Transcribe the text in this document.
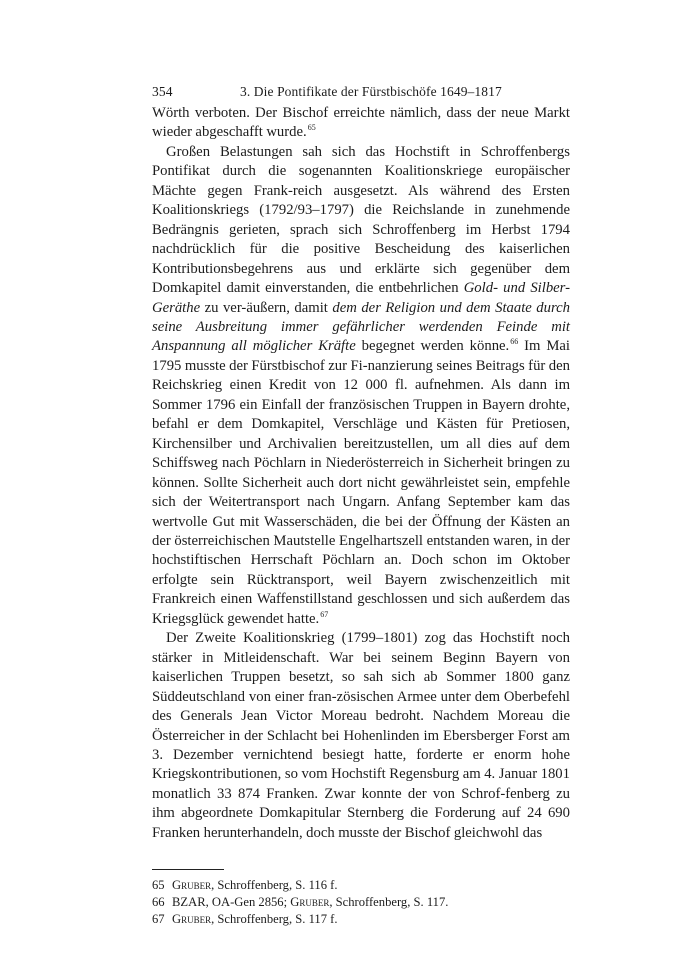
354	3. Die Pontifikate der Fürstbischöfe 1649–1817

Wörth verboten. Der Bischof erreichte nämlich, dass der neue Markt wieder abgeschafft wurde.$^{65}$

Großen Belastungen sah sich das Hochstift in Schroffenbergs Pontifikat durch die sogenannten Koalitionskriege europäischer Mächte gegen Frank-reich ausgesetzt. Als während des Ersten Koalitionskriegs (1792/93–1797) die Reichslande in zunehmende Bedrängnis gerieten, sprach sich Schroffenberg im Herbst 1794 nachdrücklich für die positive Bescheidung des kaiserlichen Kontributionsbegehrens aus und erklärte sich gegenüber dem Domkapitel damit einverstanden, die entbehrlichen Gold- und Silber-Geräthe zu ver-äußern, damit dem der Religion und dem Staate durch seine Ausbreitung immer gefährlicher werdenden Feinde mit Anspannung all möglicher Kräfte begegnet werden könne.$^{66}$ Im Mai 1795 musste der Fürstbischof zur Fi-nanzierung seines Beitrags für den Reichskrieg einen Kredit von 12 000 fl. aufnehmen. Als dann im Sommer 1796 ein Einfall der französischen Truppen in Bayern drohte, befahl er dem Domkapitel, Verschläge und Kästen für Pretiosen, Kirchensilber und Archivalien bereitzustellen, um all dies auf dem Schiffsweg nach Pöchlarn in Niederösterreich in Sicherheit bringen zu können. Sollte Sicherheit auch dort nicht gewährleistet sein, empfehle sich der Weitertransport nach Ungarn. Anfang September kam das wertvolle Gut mit Wasserschäden, die bei der Öffnung der Kästen an der österreichischen Mautstelle Engelhartszell entstanden waren, in der hochstiftischen Herrschaft Pöchlarn an. Doch schon im Oktober erfolgte sein Rücktransport, weil Bayern zwischenzeitlich mit Frankreich einen Waffenstillstand geschlossen und sich außerdem das Kriegsglück gewendet hatte.$^{67}$

Der Zweite Koalitionskrieg (1799–1801) zog das Hochstift noch stärker in Mitleidenschaft. War bei seinem Beginn Bayern von kaiserlichen Truppen besetzt, so sah sich ab Sommer 1800 ganz Süddeutschland von einer fran-zösischen Armee unter dem Oberbefehl des Generals Jean Victor Moreau bedroht. Nachdem Moreau die Österreicher in der Schlacht bei Hohenlinden im Ebersberger Forst am 3. Dezember vernichtend besiegt hatte, forderte er enorm hohe Kriegskontributionen, so vom Hochstift Regensburg am 4. Januar 1801 monatlich 33 874 Franken. Zwar konnte der von Schrof-fenberg zu ihm abgeordnete Domkapitular Sternberg die Forderung auf 24 690 Franken herunterhandeln, doch musste der Bischof gleichwohl das

65 Gruber, Schroffenberg, S. 116 f.
66 BZAR, OA-Gen 2856; Gruber, Schroffenberg, S. 117.
67 Gruber, Schroffenberg, S. 117 f.
